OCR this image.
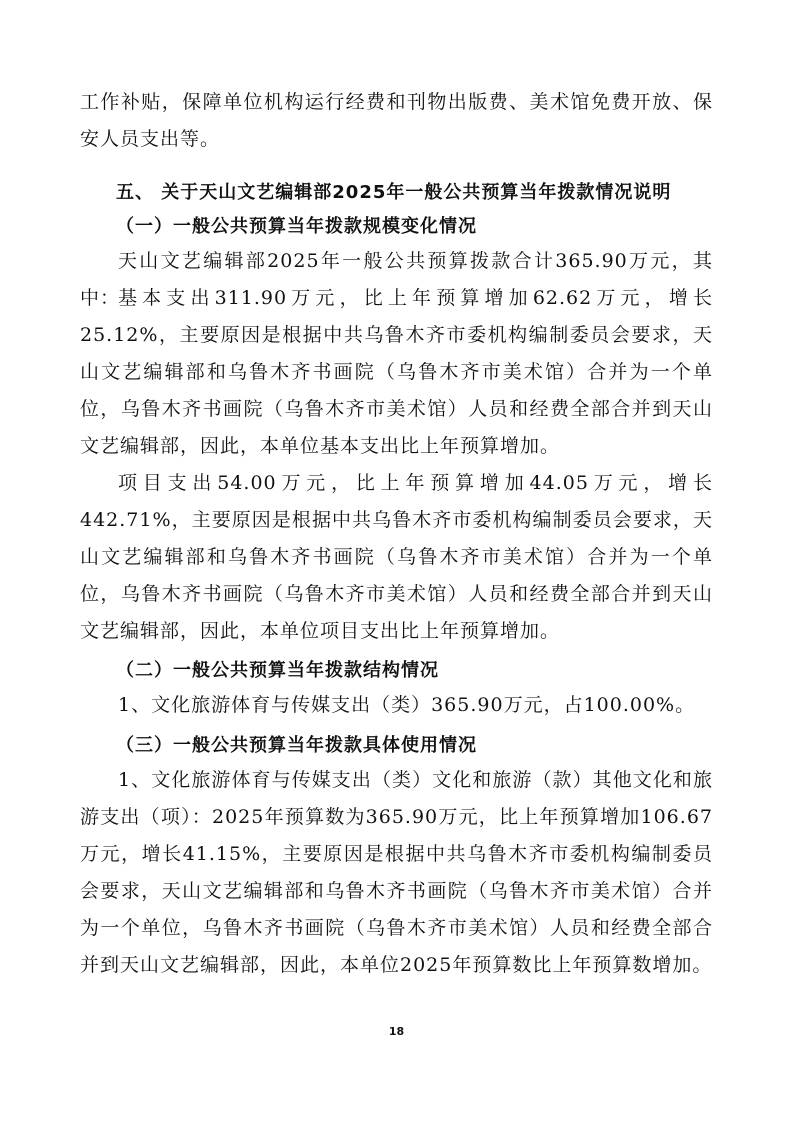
工作补贴，保障单位机构运行经费和刊物出版费、美术馆免费开放、保安人员支出等。

五、 关于天山文艺编辑部2025年一般公共预算当年拨款情况说明

（一）一般公共预算当年拨款规模变化情况

天山文艺编辑部2025年一般公共预算拨款合计365.90万元，其中：

基本支出311.90万元，比上年预算增加62.62万元，增长25.12%，主要原因是根据中共乌鲁木齐市委机构编制委员会要求，天山文艺编辑部和乌鲁木齐书画院（乌鲁木齐市美术馆）合并为一个单位，乌鲁木齐书画院（乌鲁木齐市美术馆）人员和经费全部合并到天山文艺编辑部，因此，本单位基本支出比上年预算增加。

项目支出54.00万元，比上年预算增加44.05万元，增长442.71%，主要原因是根据中共乌鲁木齐市委机构编制委员会要求，天山文艺编辑部和乌鲁木齐书画院（乌鲁木齐市美术馆）合并为一个单位，乌鲁木齐书画院（乌鲁木齐市美术馆）人员和经费全部合并到天山文艺编辑部，因此，本单位项目支出比上年预算增加。

（二）一般公共预算当年拨款结构情况

1、文化旅游体育与传媒支出（类）365.90万元，占100.00%。

（三）一般公共预算当年拨款具体使用情况

1、文化旅游体育与传媒支出（类）文化和旅游（款）其他文化和旅游支出（项）：2025年预算数为365.90万元，比上年预算增加106.67万元，增长41.15%，主要原因是根据中共乌鲁木齐市委机构编制委员会要求，天山文艺编辑部和乌鲁木齐书画院（乌鲁木齐市美术馆）合并为一个单位，乌鲁木齐书画院（乌鲁木齐市美术馆）人员和经费全部合并到天山文艺编辑部，因此，本单位2025年预算数比上年预算数增加。

18
